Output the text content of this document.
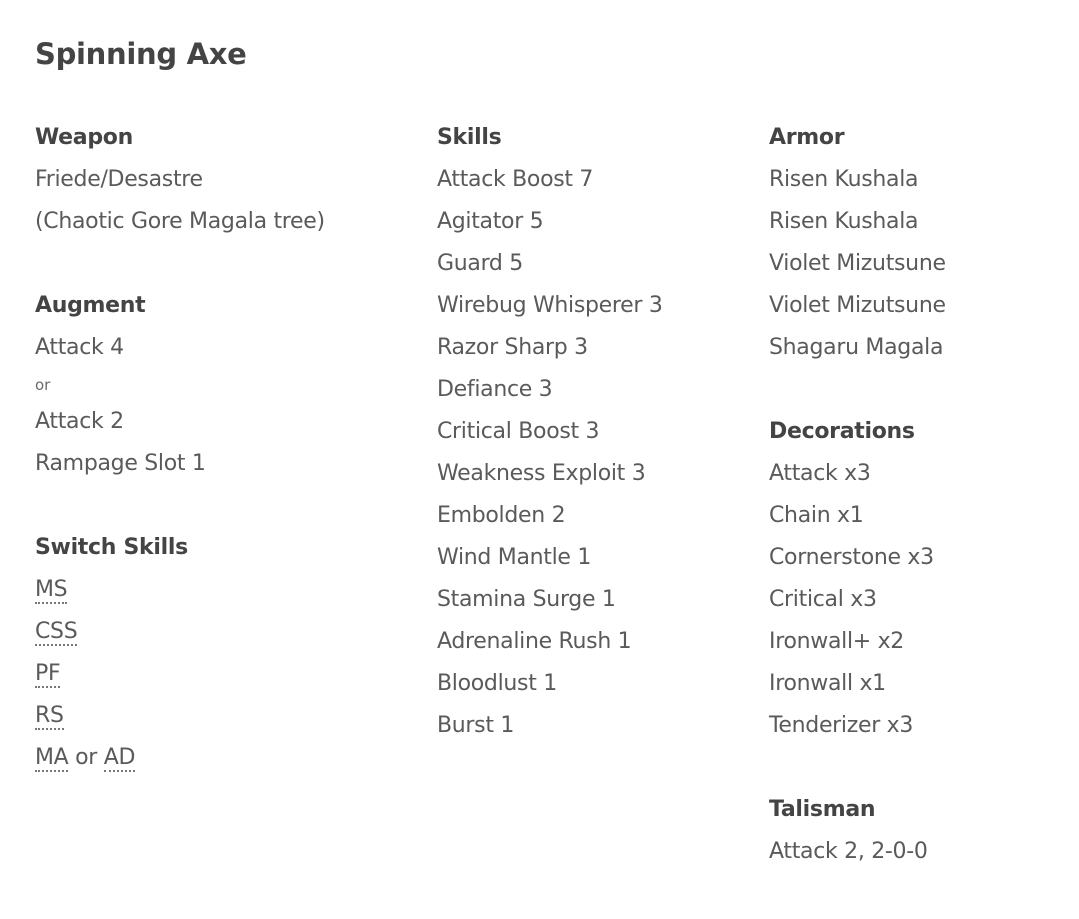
Spinning Axe
Weapon
Friede/Desastre
(Chaotic Gore Magala tree)
Augment
Attack 4
or
Attack 2
Rampage Slot 1
Switch Skills
MS
CSS
PF
RS
MA or AD
Skills
Attack Boost 7
Agitator 5
Guard 5
Wirebug Whisperer 3
Razor Sharp 3
Defiance 3
Critical Boost 3
Weakness Exploit 3
Embolden 2
Wind Mantle 1
Stamina Surge 1
Adrenaline Rush 1
Bloodlust 1
Burst 1
Armor
Risen Kushala
Risen Kushala
Violet Mizutsune
Violet Mizutsune
Shagaru Magala
Decorations
Attack x3
Chain x1
Cornerstone x3
Critical x3
Ironwall+ x2
Ironwall x1
Tenderizer x3
Talisman
Attack 2, 2-0-0
